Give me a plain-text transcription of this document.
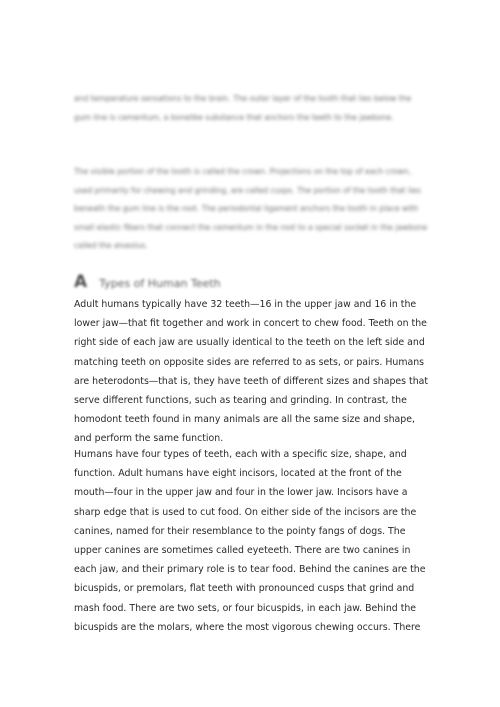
and temperature sensations to the brain. The outer layer of the tooth that lies below the gum line is cementum, a bonelike substance that anchors the teeth to the jawbone.

The visible portion of the tooth is called the crown. Projections on the top of each crown, used primarily for chewing and grinding, are called cusps. The portion of the tooth that lies beneath the gum line is the root. The periodontal ligament anchors the tooth in place with small elastic fibers that connect the cementum in the root to a special socket in the jawbone called the alveolus.

A Types of Human Teeth

Adult humans typically have 32 teeth—16 in the upper jaw and 16 in the lower jaw—that fit together and work in concert to chew food. Teeth on the right side of each jaw are usually identical to the teeth on the left side and matching teeth on opposite sides are referred to as sets, or pairs. Humans are heterodonts—that is, they have teeth of different sizes and shapes that serve different functions, such as tearing and grinding. In contrast, the homodont teeth found in many animals are all the same size and shape, and perform the same function.

Humans have four types of teeth, each with a specific size, shape, and function. Adult humans have eight incisors, located at the front of the mouth—four in the upper jaw and four in the lower jaw. Incisors have a sharp edge that is used to cut food. On either side of the incisors are the canines, named for their resemblance to the pointy fangs of dogs. The upper canines are sometimes called eyeteeth. There are two canines in each jaw, and their primary role is to tear food. Behind the canines are the bicuspids, or premolars, flat teeth with pronounced cusps that grind and mash food. There are two sets, or four bicuspids, in each jaw. Behind the bicuspids are the molars, where the most vigorous chewing occurs. There
